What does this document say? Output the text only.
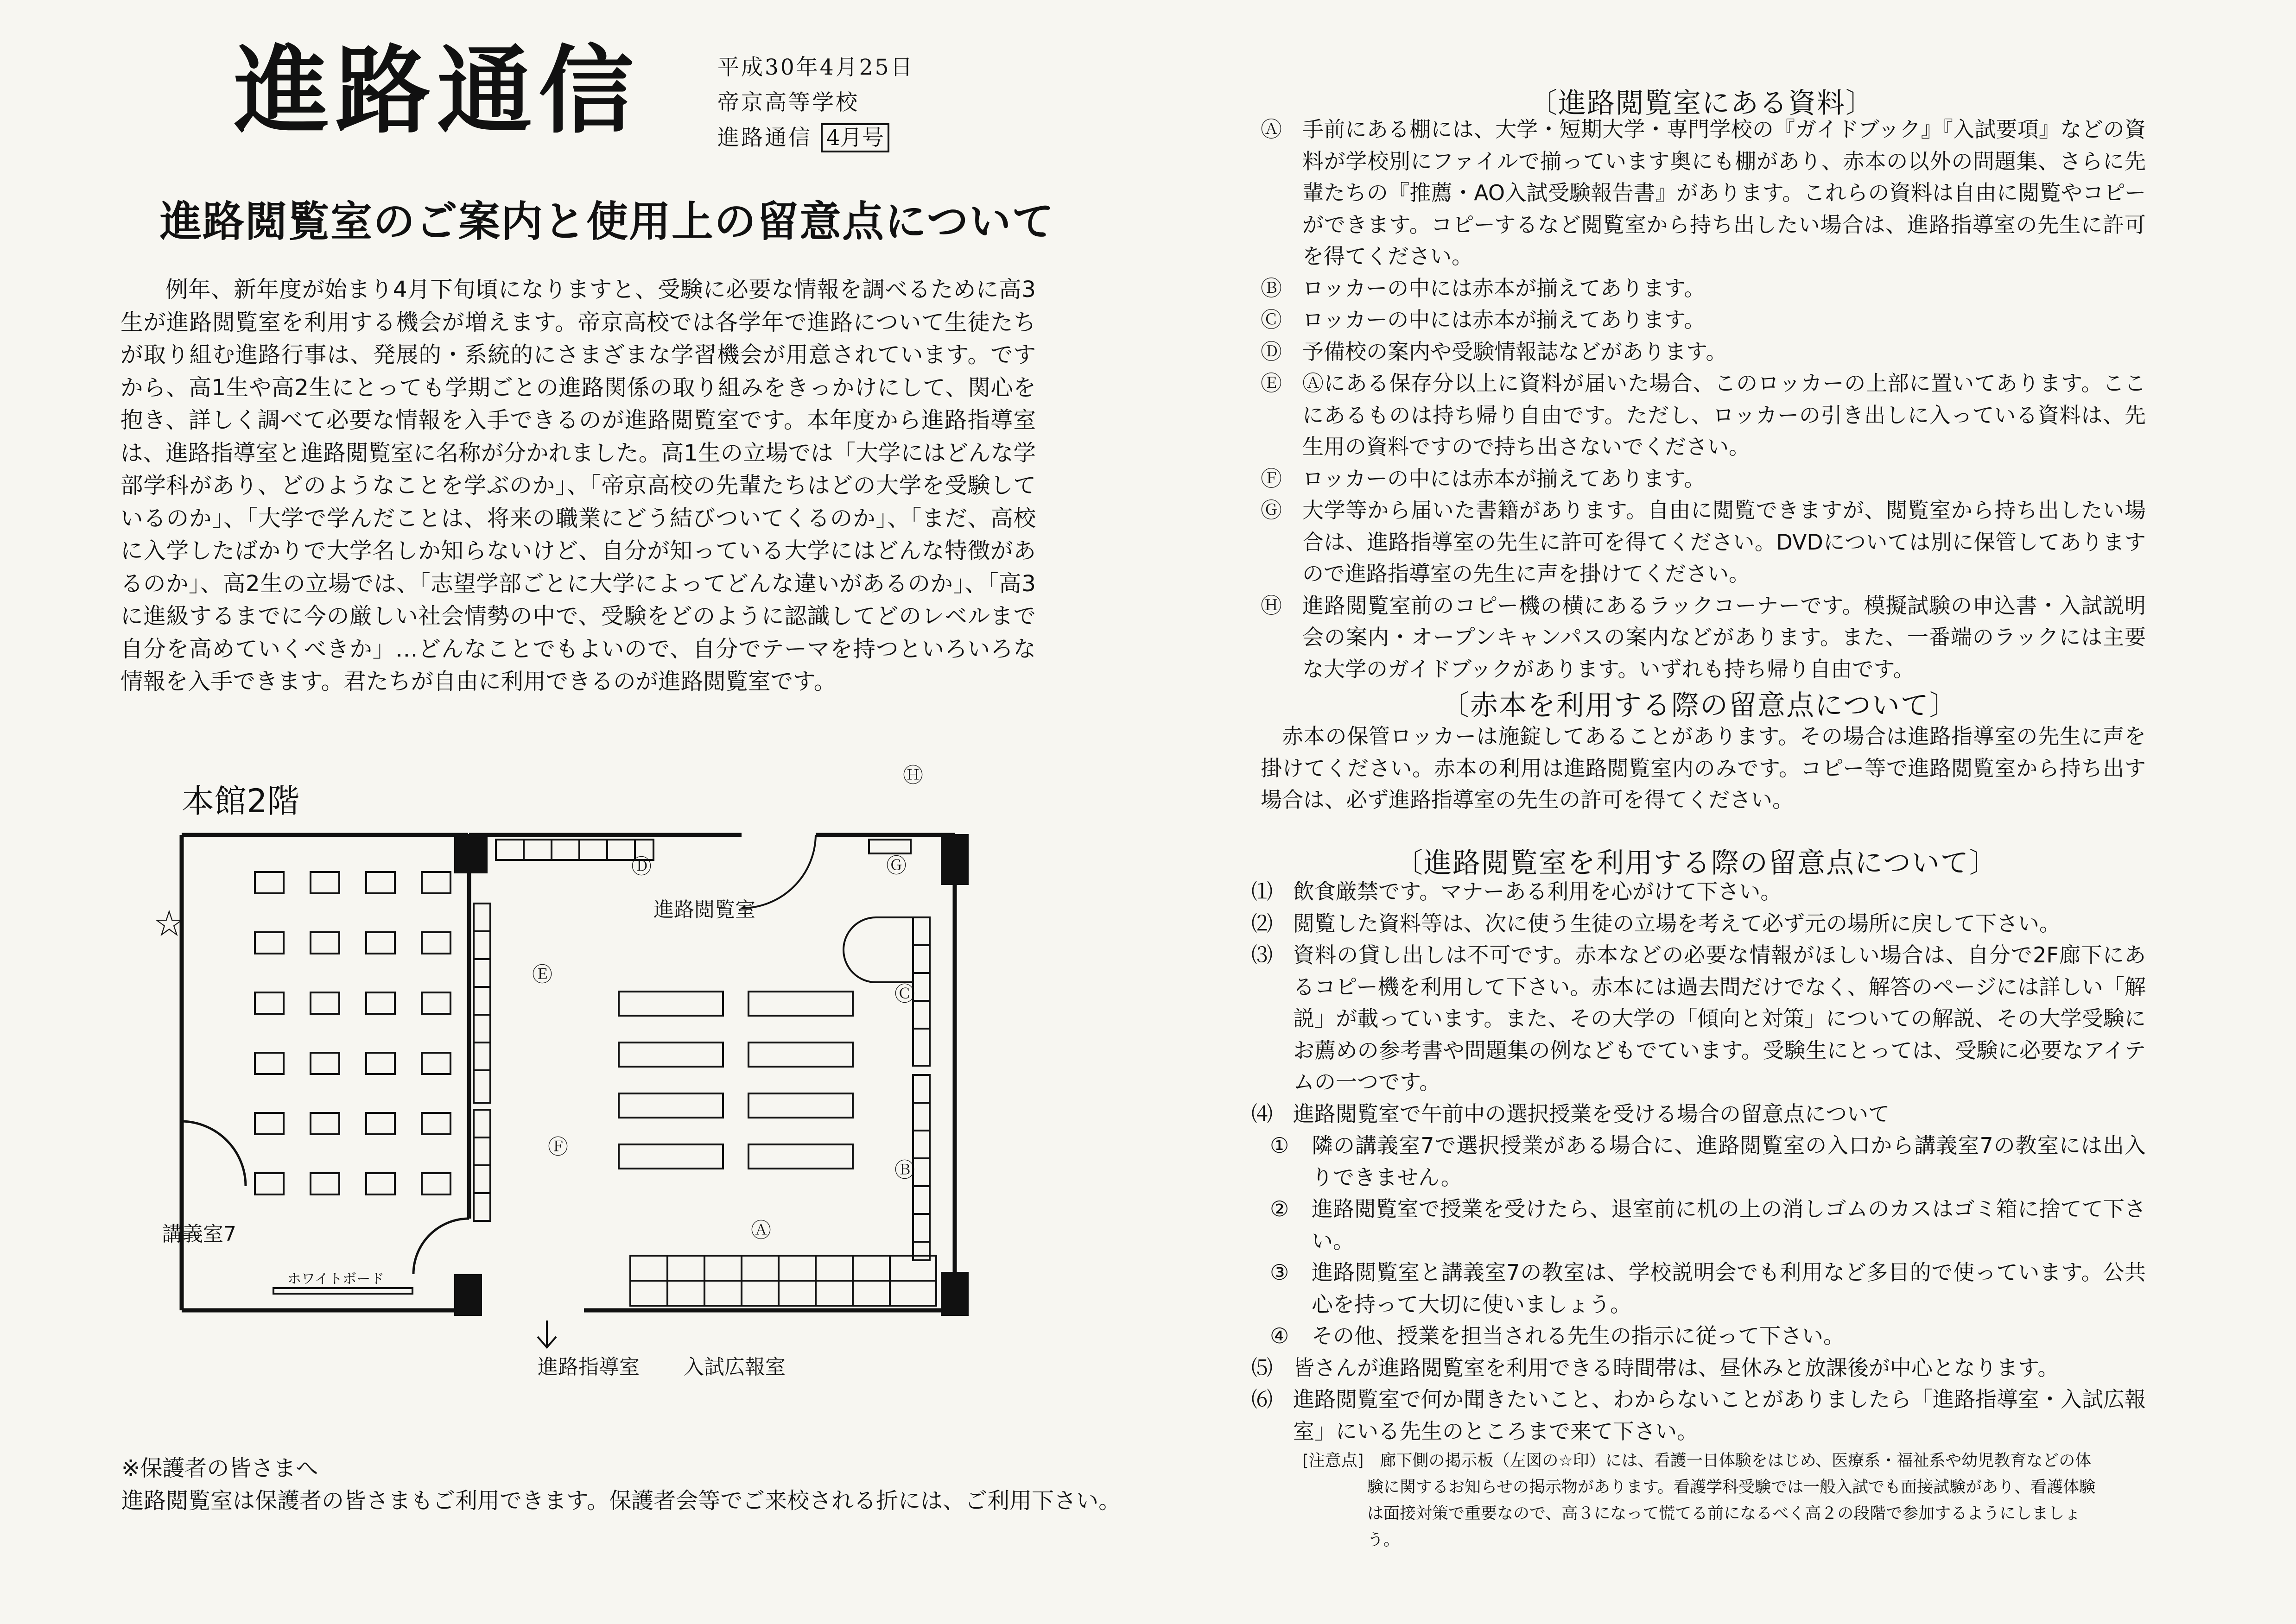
進路通信	平成30年4月25日
帝京高等学校
進路通信 4月号
進路閲覧室のご案内と使用上の留意点について
例年、新年度が始まり4月下旬頃になりますと、受験に必要な情報を調べるために高3生が進路閲覧室を利用する機会が増えます。帝京高校では各学年で進路について生徒たちが取り組む進路行事は、発展的・系統的にさまざまな学習機会が用意されています。ですから、高1生や高2生にとっても学期ごとの進路関係の取り組みをきっかけにして、関心を抱き、詳しく調べて必要な情報を入手できるのが進路閲覧室です。本年度から進路指導室は、進路指導室と進路閲覧室に名称が分かれました。高1生の立場では「大学にはどんな学部学科があり、どのようなことを学ぶのか」、「帝京高校の先輩たちはどの大学を受験しているのか」、「大学で学んだことは、将来の職業にどう結びついてくるのか」、「まだ、高校に入学したばかりで大学名しか知らないけど、自分が知っている大学にはどんな特徴があるのか」、高2生の立場では、「志望学部ごとに大学によってどんな違いがあるのか」、「高3に進級するまでに今の厳しい社会情勢の中で、受験をどのように認識してどのレベルまで自分を高めていくべきか」…どんなことでもよいので、自分でテーマを持つといろいろな情報を入手できます。君たちが自由に利用できるのが進路閲覧室です。
本館2階
☆	進路閲覧室
講義室7
ホワイトボード
進路指導室 入試広報室
Ⓐ
Ⓑ
Ⓒ
Ⓓ
Ⓔ
Ⓕ
Ⓖ
Ⓗ
※保護者の皆さまへ
進路閲覧室は保護者の皆さまもご利用できます。保護者会等でご来校される折には、ご利用下さい。
〔進路閲覧室にある資料〕
Ⓐ 手前にある棚には、大学・短期大学・専門学校の『ガイドブック』『入試要項』などの資料が学校別にファイルで揃っています奥にも棚があり、赤本の以外の問題集、さらに先輩たちの『推薦・AO入試受験報告書』があります。これらの資料は自由に閲覧やコピーができます。コピーするなど閲覧室から持ち出したい場合は、進路指導室の先生に許可を得てください。
Ⓑ ロッカーの中には赤本が揃えてあります。
Ⓒ ロッカーの中には赤本が揃えてあります。
Ⓓ 予備校の案内や受験情報誌などがあります。
Ⓔ Ⓐにある保存分以上に資料が届いた場合、このロッカーの上部に置いてあります。ここにあるものは持ち帰り自由です。ただし、ロッカーの引き出しに入っている資料は、先生用の資料ですので持ち出さないでください。
Ⓕ ロッカーの中には赤本が揃えてあります。
Ⓖ 大学等から届いた書籍があります。自由に閲覧できますが、閲覧室から持ち出したい場合は、進路指導室の先生に許可を得てください。DVDについては別に保管してありますので進路指導室の先生に声を掛けてください。
Ⓗ 進路閲覧室前のコピー機の横にあるラックコーナーです。模擬試験の申込書・入試説明会の案内・オープンキャンパスの案内などがあります。また、一番端のラックには主要な大学のガイドブックがあります。いずれも持ち帰り自由です。
〔赤本を利用する際の留意点について〕
赤本の保管ロッカーは施錠してあることがあります。その場合は進路指導室の先生に声を掛けてください。赤本の利用は進路閲覧室内のみです。コピー等で進路閲覧室から持ち出す場合は、必ず進路指導室の先生の許可を得てください。
〔進路閲覧室を利用する際の留意点について〕
⑴ 飲食厳禁です。マナーある利用を心がけて下さい。
⑵ 閲覧した資料等は、次に使う生徒の立場を考えて必ず元の場所に戻して下さい。
⑶ 資料の貸し出しは不可です。赤本などの必要な情報がほしい場合は、自分で2F廊下にあるコピー機を利用して下さい。赤本には過去問だけでなく、解答のページには詳しい「解説」が載っています。また、その大学の「傾向と対策」についての解説、その大学受験にお薦めの参考書や問題集の例などもでています。受験生にとっては、受験に必要なアイテムの一つです。
⑷ 進路閲覧室で午前中の選択授業を受ける場合の留意点について
①	隣の講義室7で選択授業がある場合に、進路閲覧室の入口から講義室7の教室には出入りできません。
②	進路閲覧室で授業を受けたら、退室前に机の上の消しゴムのカスはゴミ箱に捨てて下さい。
③	進路閲覧室と講義室7の教室は、学校説明会でも利用など多目的で使っています。公共心を持って大切に使いましょう。
④	その他、授業を担当される先生の指示に従って下さい。
⑸ 皆さんが進路閲覧室を利用できる時間帯は、昼休みと放課後が中心となります。
⑹ 進路閲覧室で何か聞きたいこと、わからないことがありましたら「進路指導室・入試広報室」にいる先生のところまで来て下さい。
[注意点]　 廊下側の掲示板（左図の☆印）には、看護一日体験をはじめ、医療系・福祉系や幼児教育などの体
験に関するお知らせの掲示物があります。看護学科受験では一般入試でも面接試験があり、看護体験
は面接対策で重要なので、高３になって慌てる前になるべく高２の段階で参加するようにしましょう。
